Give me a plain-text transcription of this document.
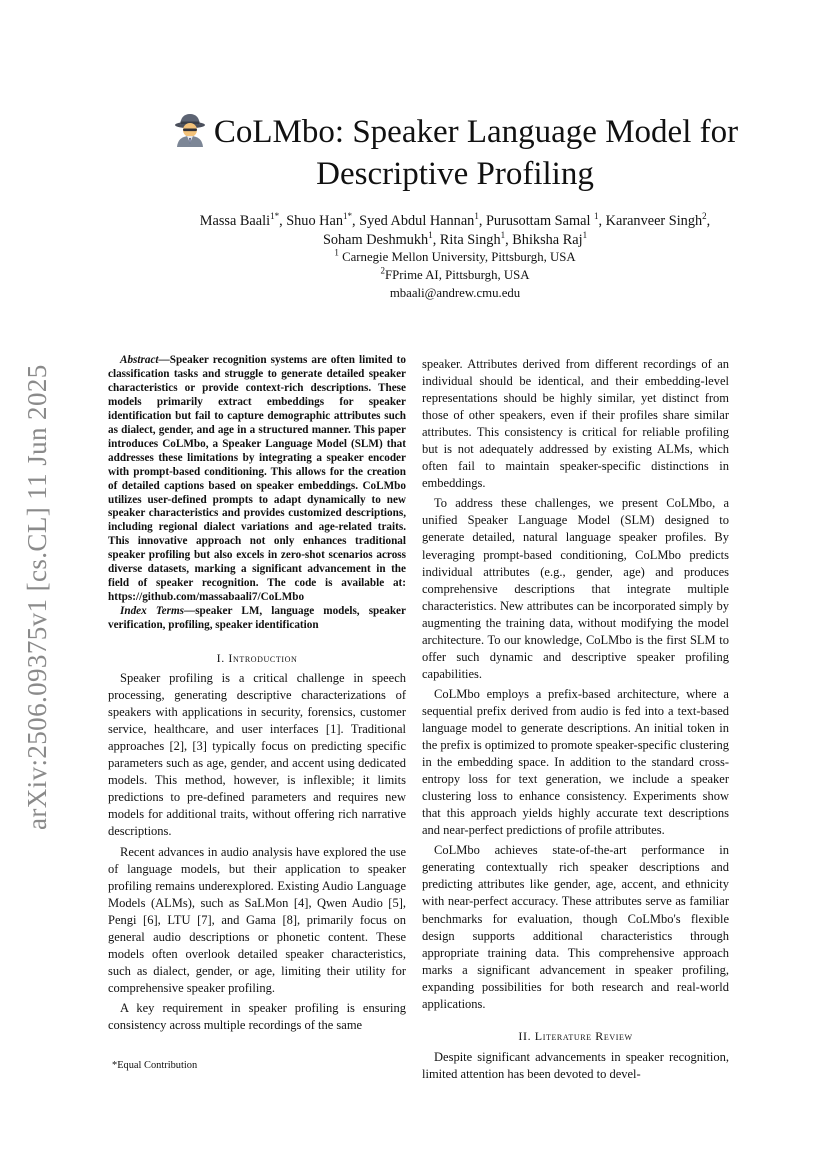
arXiv:2506.09375v1 [cs.CL] 11 Jun 2025
CoLMbo: Speaker Language Model for
Descriptive Profiling
Massa Baali$^{1*}$, Shuo Han$^{1*}$, Syed Abdul Hannan$^1$, Purusottam Samal $^1$, Karanveer Singh$^2$,
Soham Deshmukh$^1$, Rita Singh$^1$, Bhiksha Raj$^1$
$^1$ Carnegie Mellon University, Pittsburgh, USA
$^2$FPrime AI, Pittsburgh, USA
mbaali@andrew.cmu.edu

Abstract—Speaker recognition systems are often limited to classification tasks and struggle to generate detailed speaker characteristics or provide context-rich descriptions. These models primarily extract embeddings for speaker identification but fail to capture demographic attributes such as dialect, gender, and age in a structured manner. This paper introduces CoLMbo, a Speaker Language Model (SLM) that addresses these limitations by integrating a speaker encoder with prompt-based conditioning. This allows for the creation of detailed captions based on speaker embeddings. CoLMbo utilizes user-defined prompts to adapt dynamically to new speaker characteristics and provides customized descriptions, including regional dialect variations and age-related traits. This innovative approach not only enhances traditional speaker profiling but also excels in zero-shot scenarios across diverse datasets, marking a significant advancement in the field of speaker recognition. The code is available at: https://github.com/massabaali7/CoLMbo

Index Terms—speaker LM, language models, speaker verification, profiling, speaker identification

I. Introduction

Speaker profiling is a critical challenge in speech processing, generating descriptive characterizations of speakers with applications in security, forensics, customer service, healthcare, and user interfaces [1]. Traditional approaches [2], [3] typically focus on predicting specific parameters such as age, gender, and accent using dedicated models. This method, however, is inflexible; it limits predictions to pre-defined parameters and requires new models for additional traits, without offering rich narrative descriptions.

Recent advances in audio analysis have explored the use of language models, but their application to speaker profiling remains underexplored. Existing Audio Language Models (ALMs), such as SaLMon [4], Qwen Audio [5], Pengi [6], LTU [7], and Gama [8], primarily focus on general audio descriptions or phonetic content. These models often overlook detailed speaker characteristics, such as dialect, gender, or age, limiting their utility for comprehensive speaker profiling.

A key requirement in speaker profiling is ensuring consistency across multiple recordings of the same

speaker. Attributes derived from different recordings of an individual should be identical, and their embedding-level representations should be highly similar, yet distinct from those of other speakers, even if their profiles share similar attributes. This consistency is critical for reliable profiling but is not adequately addressed by existing ALMs, which often fail to maintain speaker-specific distinctions in embeddings.

To address these challenges, we present CoLMbo, a unified Speaker Language Model (SLM) designed to generate detailed, natural language speaker profiles. By leveraging prompt-based conditioning, CoLMbo predicts individual attributes (e.g., gender, age) and produces comprehensive descriptions that integrate multiple characteristics. New attributes can be incorporated simply by augmenting the training data, without modifying the model architecture. To our knowledge, CoLMbo is the first SLM to offer such dynamic and descriptive speaker profiling capabilities.

CoLMbo employs a prefix-based architecture, where a sequential prefix derived from audio is fed into a text-based language model to generate descriptions. An initial token in the prefix is optimized to promote speaker-specific clustering in the embedding space. In addition to the standard cross-entropy loss for text generation, we include a speaker clustering loss to enhance consistency. Experiments show that this approach yields highly accurate text descriptions and near-perfect predictions of profile attributes.

CoLMbo achieves state-of-the-art performance in generating contextually rich speaker descriptions and predicting attributes like gender, age, accent, and ethnicity with near-perfect accuracy. These attributes serve as familiar benchmarks for evaluation, though CoLMbo's flexible design supports additional characteristics through appropriate training data. This comprehensive approach marks a significant advancement in speaker profiling, expanding possibilities for both research and real-world applications.

II. Literature Review

Despite significant advancements in speaker recognition, limited attention has been devoted to devel-

*Equal Contribution
